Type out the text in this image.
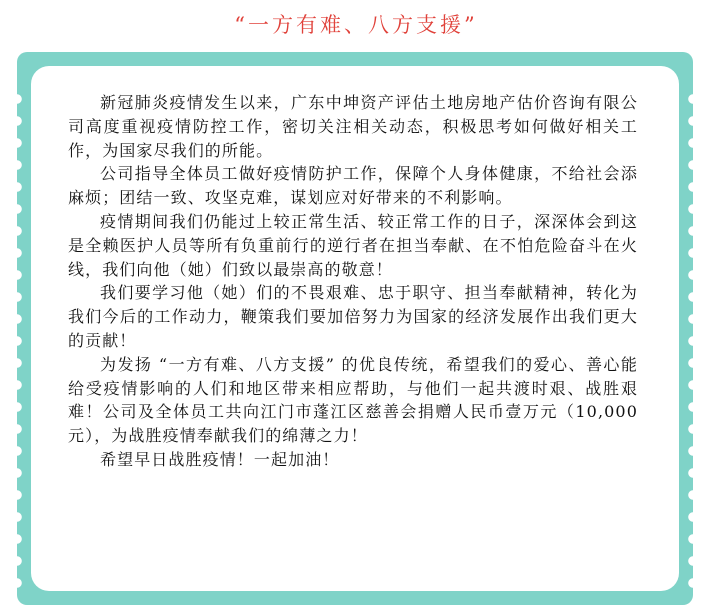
“一方有难、八方支援”

新冠肺炎疫情发生以来，广东中坤资产评估土地房地产估价咨询有限公司高度重视疫情防控工作，密切关注相关动态，积极思考如何做好相关工作，为国家尽我们的所能。

公司指导全体员工做好疫情防护工作，保障个人身体健康，不给社会添麻烦；团结一致、攻坚克难，谋划应对好带来的不利影响。

疫情期间我们仍能过上较正常生活、较正常工作的日子，深深体会到这是全赖医护人员等所有负重前行的逆行者在担当奉献、在不怕危险奋斗在火线，我们向他（她）们致以最崇高的敬意！

我们要学习他（她）们的不畏艰难、忠于职守、担当奉献精神，转化为我们今后的工作动力，鞭策我们要加倍努力为国家的经济发展作出我们更大的贡献！

为发扬 “一方有难、八方支援” 的优良传统，希望我们的爱心、善心能给受疫情影响的人们和地区带来相应帮助，与他们一起共渡时艰、战胜艰难！公司及全体员工共向江门市蓬江区慈善会捐赠人民币壹万元（10,000元），为战胜疫情奉献我们的绵薄之力！

希望早日战胜疫情！一起加油！
